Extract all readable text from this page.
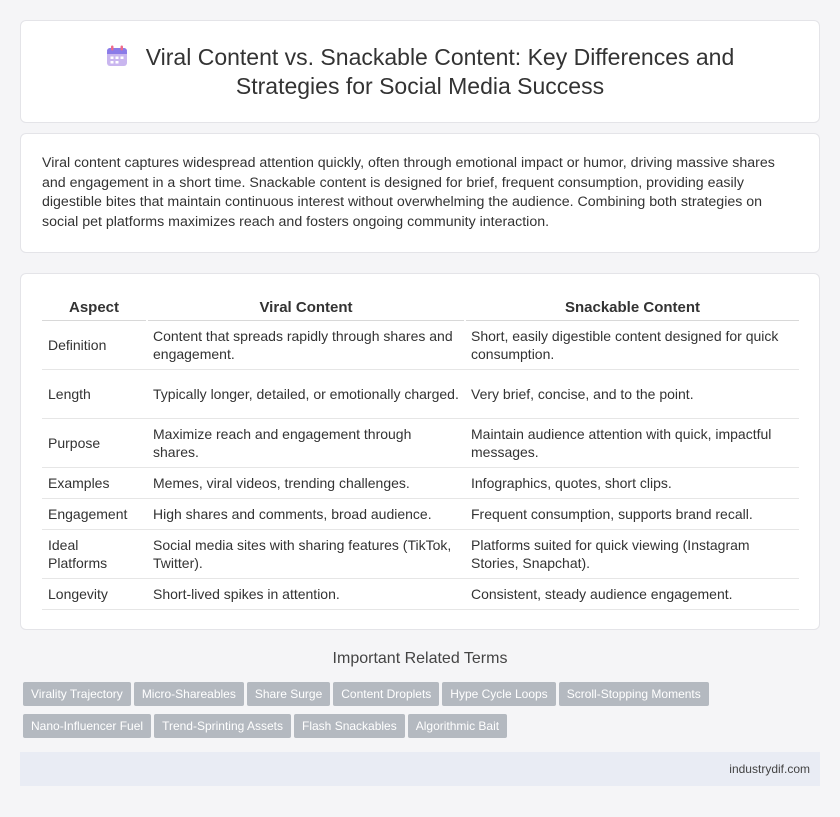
Viral Content vs. Snackable Content: Key Differences and
Strategies for Social Media Success

Viral content captures widespread attention quickly, often through emotional impact or humor, driving massive shares and engagement in a short time. Snackable content is designed for brief, frequent consumption, providing easily digestible bites that maintain continuous interest without overwhelming the audience. Combining both strategies on social pet platforms maximizes reach and fosters ongoing community interaction.

Aspect	Viral Content	Snackable Content
Definition	Content that spreads rapidly through shares and engagement.	Short, easily digestible content designed for quick consumption.
Length	Typically longer, detailed, or emotionally charged.	Very brief, concise, and to the point.
Purpose	Maximize reach and engagement through shares.	Maintain audience attention with quick, impactful messages.
Examples	Memes, viral videos, trending challenges.	Infographics, quotes, short clips.
Engagement	High shares and comments, broad audience.	Frequent consumption, supports brand recall.
Ideal Platforms	Social media sites with sharing features (TikTok, Twitter).	Platforms suited for quick viewing (Instagram Stories, Snapchat).
Longevity	Short-lived spikes in attention.	Consistent, steady audience engagement.
Important Related Terms
Virality Trajectory	Micro-Shareables	Share Surge	Content Droplets	Hype Cycle Loops	Scroll-Stopping Moments
Nano-Influencer Fuel	Trend-Sprinting Assets	Flash Snackables	Algorithmic Bait
industrydif.com
